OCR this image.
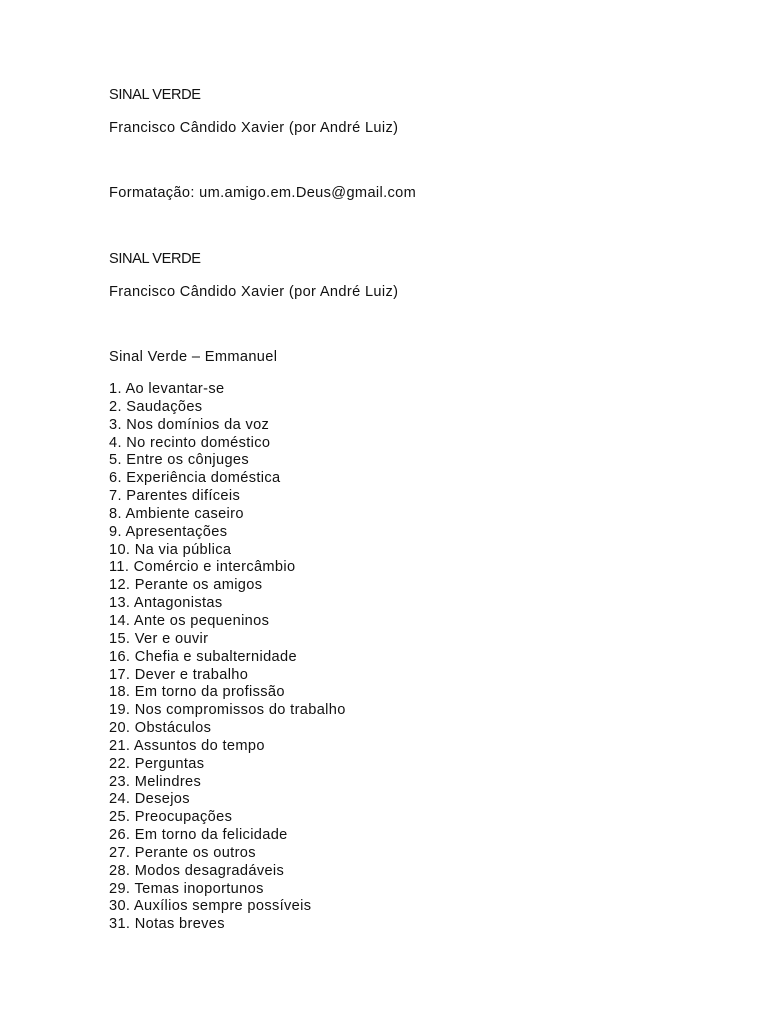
SINAL VERDE
Francisco Cândido Xavier (por André Luiz)
Formatação: um.amigo.em.Deus@gmail.com
SINAL VERDE
Francisco Cândido Xavier (por André Luiz)
Sinal Verde – Emmanuel
1. Ao levantar-se
2. Saudações
3. Nos domínios da voz
4. No recinto doméstico
5. Entre os cônjuges
6. Experiência doméstica
7. Parentes difíceis
8. Ambiente caseiro
9. Apresentações
10. Na via pública
11. Comércio e intercâmbio
12. Perante os amigos
13. Antagonistas
14. Ante os pequeninos
15. Ver e ouvir
16. Chefia e subalternidade
17. Dever e trabalho
18. Em torno da profissão
19. Nos compromissos do trabalho
20. Obstáculos
21. Assuntos do tempo
22. Perguntas
23. Melindres
24. Desejos
25. Preocupações
26. Em torno da felicidade
27. Perante os outros
28. Modos desagradáveis
29. Temas inoportunos
30. Auxílios sempre possíveis
31. Notas breves
